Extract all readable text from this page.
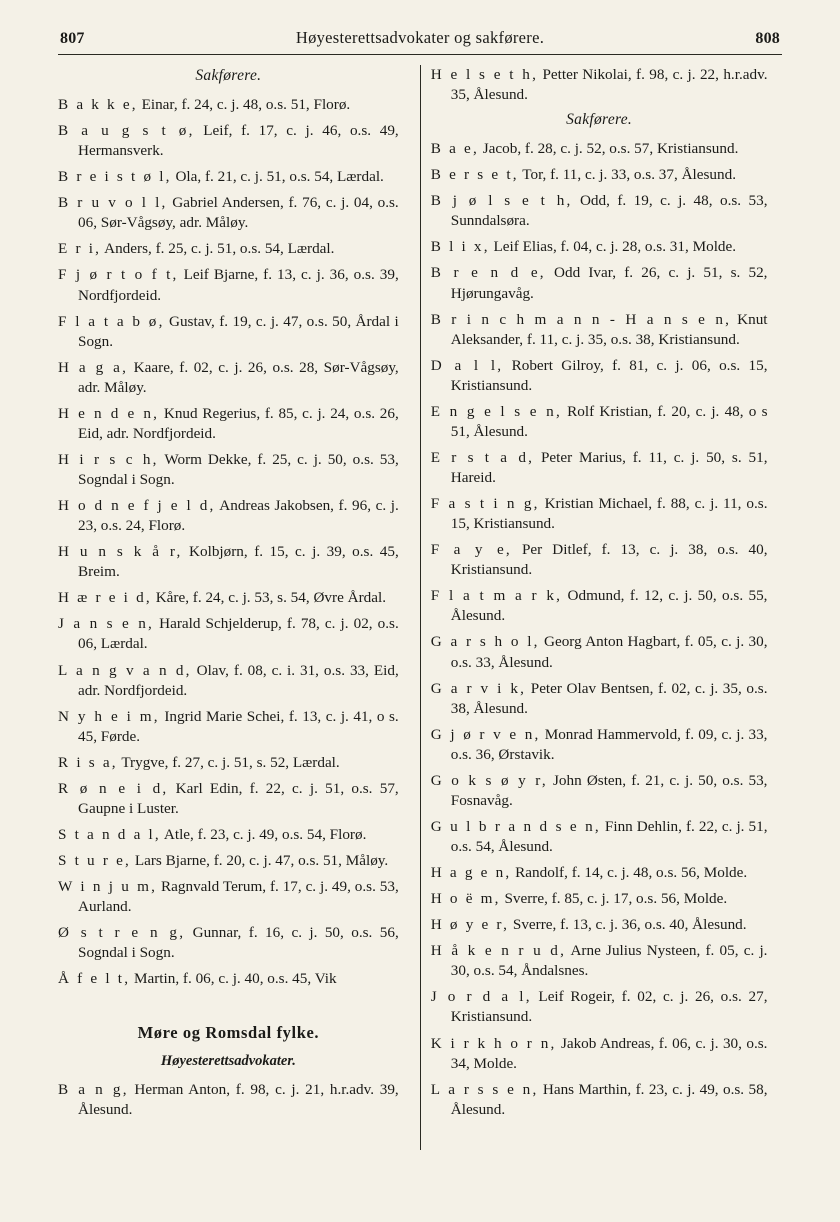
807	Høyesterettsadvokater og sakførere.	808
Sakførere.
B a k k e, Einar, f. 24, c. j. 48, o.s. 51, Florø.
B a u g s t ø, Leif, f. 17, c. j. 46, o.s. 49, Hermansverk.
B r e i s t ø l, Ola, f. 21, c. j. 51, o.s. 54, Lærdal.
B r u v o l l, Gabriel Andersen, f. 76, c. j. 04, o.s. 06, Sør-Vågsøy, adr. Måløy.
E r i, Anders, f. 25, c. j. 51, o.s. 54, Lærdal.
F j ø r t o f t, Leif Bjarne, f. 13, c. j. 36, o.s. 39, Nordfjordeid.
F l a t a b ø, Gustav, f. 19, c. j. 47, o.s. 50, Årdal i Sogn.
H a g a, Kaare, f. 02, c. j. 26, o.s. 28, Sør-Vågsøy, adr. Måløy.
H e n d e n, Knud Regerius, f. 85, c. j. 24, o.s. 26, Eid, adr. Nordfjordeid.
H i r s c h, Worm Dekke, f. 25, c. j. 50, o.s. 53, Sogndal i Sogn.
H o d n e f j e l d, Andreas Jakobsen, f. 96, c. j. 23, o.s. 24, Florø.
H u n s k å r, Kolbjørn, f. 15, c. j. 39, o.s. 45, Breim.
H æ r e i d, Kåre, f. 24, c. j. 53, s. 54, Øvre Årdal.
J a n s e n, Harald Schjelderup, f. 78, c. j. 02, o.s. 06, Lærdal.
L a n g v a n d, Olav, f. 08, c. i. 31, o.s. 33, Eid, adr. Nordfjordeid.
N y h e i m, Ingrid Marie Schei, f. 13, c. j. 41, o s. 45, Førde.
R i s a, Trygve, f. 27, c. j. 51, s. 52, Lærdal.
R ø n e i d, Karl Edin, f. 22, c. j. 51, o.s. 57, Gaupne i Luster.
S t a n d a l, Atle, f. 23, c. j. 49, o.s. 54, Florø.
S t u r e, Lars Bjarne, f. 20, c. j. 47, o.s. 51, Måløy.
W i n j u m, Ragnvald Terum, f. 17, c. j. 49, o.s. 53, Aurland.
Ø s t r e n g, Gunnar, f. 16, c. j. 50, o.s. 56, Sogndal i Sogn.
Å f e l t, Martin, f. 06, c. j. 40, o.s. 45, Vik
Møre og Romsdal fylke.
Høyesterettsadvokater.
B a n g, Herman Anton, f. 98, c. j. 21, h.r.adv. 39, Ålesund.
H e l s e t h, Petter Nikolai, f. 98, c. j. 22, h.r.adv. 35, Ålesund.
Sakførere.
B a e, Jacob, f. 28, c. j. 52, o.s. 57, Kristiansund.
B e r s e t, Tor, f. 11, c. j. 33, o.s. 37, Ålesund.
B j ø l s e t h, Odd, f. 19, c. j. 48, o.s. 53, Sunndalsøra.
B l i x, Leif Elias, f. 04, c. j. 28, o.s. 31, Molde.
B r e n d e, Odd Ivar, f. 26, c. j. 51, s. 52, Hjørungavåg.
B r i n c h m a n n - H a n s e n, Knut Aleksander, f. 11, c. j. 35, o.s. 38, Kristiansund.
D a l l, Robert Gilroy, f. 81, c. j. 06, o.s. 15, Kristiansund.
E n g e l s e n, Rolf Kristian, f. 20, c. j. 48, o s 51, Ålesund.
E r s t a d, Peter Marius, f. 11, c. j. 50, s. 51, Hareid.
F a s t i n g, Kristian Michael, f. 88, c. j. 11, o.s. 15, Kristiansund.
F a y e, Per Ditlef, f. 13, c. j. 38, o.s. 40, Kristiansund.
F l a t m a r k, Odmund, f. 12, c. j. 50, o.s. 55, Ålesund.
G a r s h o l, Georg Anton Hagbart, f. 05, c. j. 30, o.s. 33, Ålesund.
G a r v i k, Peter Olav Bentsen, f. 02, c. j. 35, o.s. 38, Ålesund.
G j ø r v e n, Monrad Hammervold, f. 09, c. j. 33, o.s. 36, Ørstavik.
G o k s ø y r, John Østen, f. 21, c. j. 50, o.s. 53, Fosnavåg.
G u l b r a n d s e n, Finn Dehlin, f. 22, c. j. 51, o.s. 54, Ålesund.
H a g e n, Randolf, f. 14, c. j. 48, o.s. 56, Molde.
H o ë m, Sverre, f. 85, c. j. 17, o.s. 56, Molde.
H ø y e r, Sverre, f. 13, c. j. 36, o.s. 40, Ålesund.
H å k e n r u d, Arne Julius Nysteen, f. 05, c. j. 30, o.s. 54, Åndalsnes.
J o r d a l, Leif Rogeir, f. 02, c. j. 26, o.s. 27, Kristiansund.
K i r k h o r n, Jakob Andreas, f. 06, c. j. 30, o.s. 34, Molde.
L a r s s e n, Hans Marthin, f. 23, c. j. 49, o.s. 58, Ålesund.
